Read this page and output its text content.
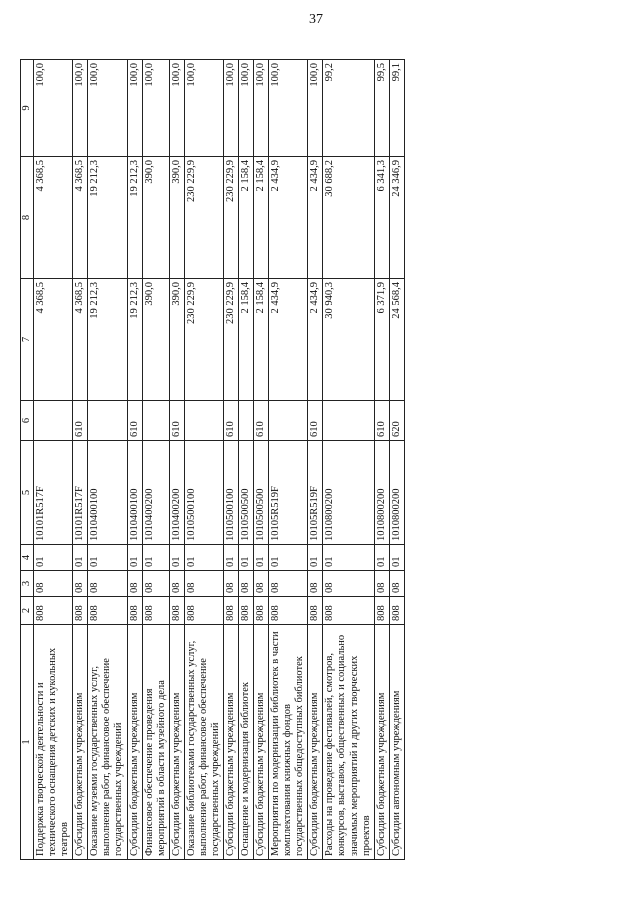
37
1	2	3	4	5	6	7	8	9
Поддержка творческой деятельности и технического оснащения детских и кукольных театров	808	08	01	10101R517F		4 368,5	4 368,5	100,0
Субсидии бюджетным учреждениям	808	08	01	10101R517F	610	4 368,5	4 368,5	100,0
Оказание музеями государственных услуг, выполнение работ, финансовое обеспечение государственных учреждений	808	08	01	1010400100		19 212,3	19 212,3	100,0
Субсидии бюджетным учреждениям	808	08	01	1010400100	610	19 212,3	19 212,3	100,0
Финансовое обеспечение проведения мероприятий в области музейного дела	808	08	01	1010400200		390,0	390,0	100,0
Субсидии бюджетным учреждениям	808	08	01	1010400200	610	390,0	390,0	100,0
Оказание библиотеками государственных услуг, выполнение работ, финансовое обеспечение государственных учреждений	808	08	01	1010500100		230 229,9	230 229,9	100,0
Субсидии бюджетным учреждениям	808	08	01	1010500100	610	230 229,9	230 229,9	100,0
Оснащение и модернизация библиотек	808	08	01	1010500500		2 158,4	2 158,4	100,0
Субсидии бюджетным учреждениям	808	08	01	1010500500	610	2 158,4	2 158,4	100,0
Мероприятия по модернизации библиотек в части комплектования книжных фондов государственных общедоступных библиотек	808	08	01	10105R519F		2 434,9	2 434,9	100,0
Субсидии бюджетным учреждениям	808	08	01	10105R519F	610	2 434,9	2 434,9	100,0
Расходы на проведение фестивалей, смотров, конкурсов, выставок, общественных и социально значимых мероприятий и других творческих проектов	808	08	01	1010800200		30 940,3	30 688,2	99,2
Субсидии бюджетным учреждениям	808	08	01	1010800200	610	6 371,9	6 341,3	99,5
Субсидии автономным учреждениям	808	08	01	1010800200	620	24 568,4	24 346,9	99,1
